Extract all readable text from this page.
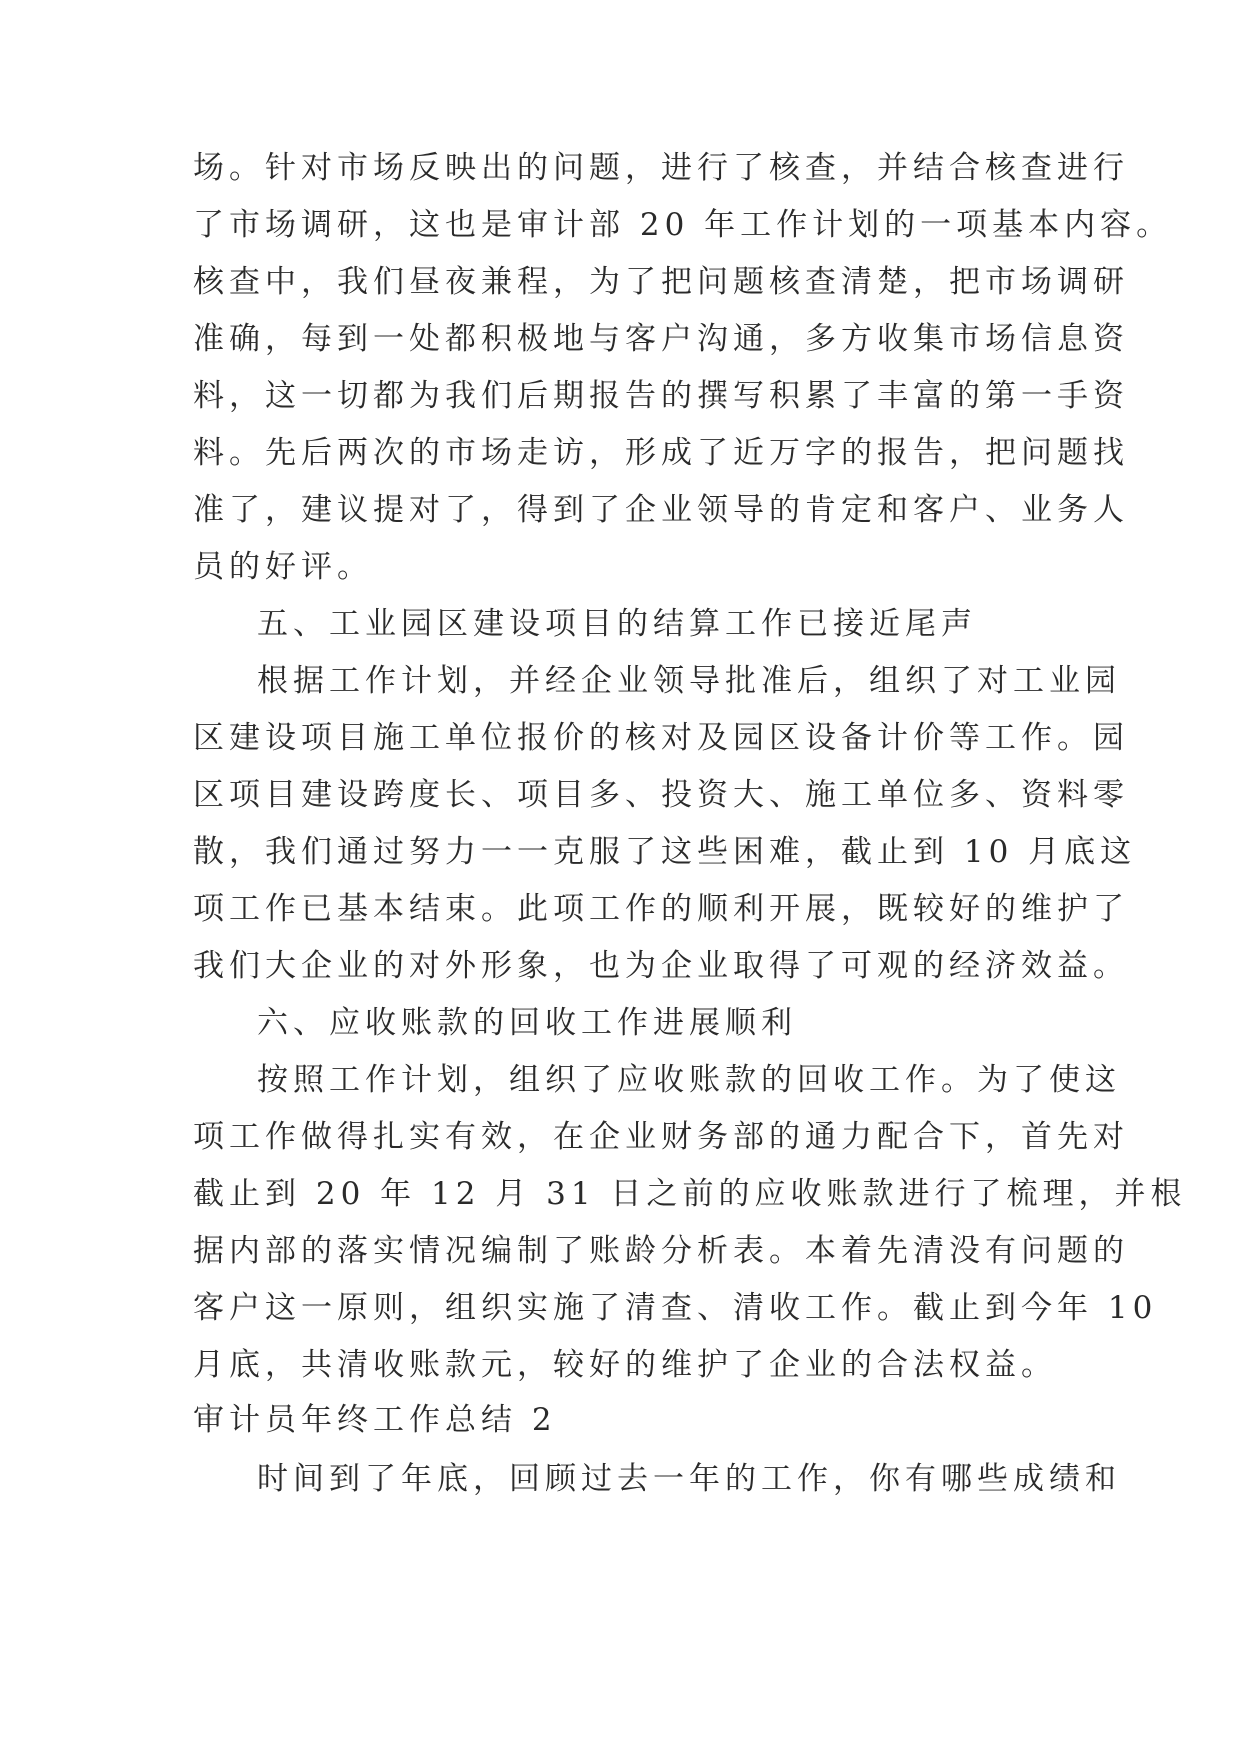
场。针对市场反映出的问题，进行了核查，并结合核查进行
了市场调研，这也是审计部 20 年工作计划的一项基本内容。
核查中，我们昼夜兼程，为了把问题核查清楚，把市场调研
准确，每到一处都积极地与客户沟通，多方收集市场信息资
料，这一切都为我们后期报告的撰写积累了丰富的第一手资
料。先后两次的市场走访，形成了近万字的报告，把问题找
准了，建议提对了，得到了企业领导的肯定和客户、业务人
员的好评。
五、工业园区建设项目的结算工作已接近尾声
根据工作计划，并经企业领导批准后，组织了对工业园
区建设项目施工单位报价的核对及园区设备计价等工作。园
区项目建设跨度长、项目多、投资大、施工单位多、资料零
散，我们通过努力一一克服了这些困难，截止到 10 月底这
项工作已基本结束。此项工作的顺利开展，既较好的维护了
我们大企业的对外形象，也为企业取得了可观的经济效益。
六、应收账款的回收工作进展顺利
按照工作计划，组织了应收账款的回收工作。为了使这
项工作做得扎实有效，在企业财务部的通力配合下，首先对
截止到 20 年 12 月 31 日之前的应收账款进行了梳理，并根
据内部的落实情况编制了账龄分析表。本着先清没有问题的
客户这一原则，组织实施了清查、清收工作。截止到今年 10
月底，共清收账款元，较好的维护了企业的合法权益。
审计员年终工作总结 2
时间到了年底，回顾过去一年的工作，你有哪些成绩和
